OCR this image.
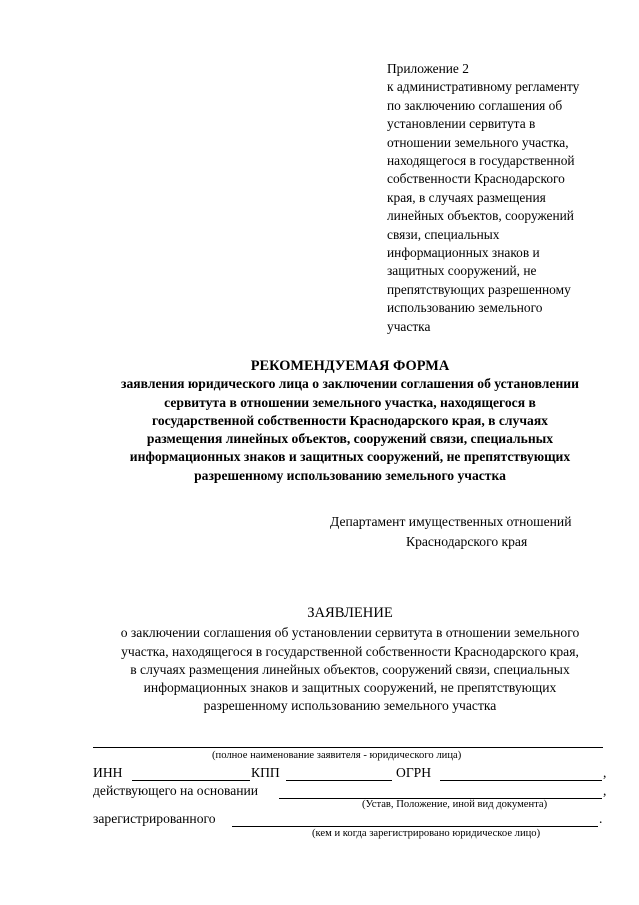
Приложение 2
к административному регламенту
по заключению соглашения об
установлении сервитута в
отношении земельного участка,
находящегося в государственной
собственности Краснодарского
края, в случаях размещения
линейных объектов, сооружений
связи, специальных
информационных знаков и
защитных сооружений, не
препятствующих разрешенному
использованию земельного
участка
РЕКОМЕНДУЕМАЯ ФОРМА
заявления юридического лица о заключении соглашения об установлении
сервитута в отношении земельного участка, находящегося в
государственной собственности Краснодарского края, в случаях
размещения линейных объектов, сооружений связи, специальных
информационных знаков и защитных сооружений, не препятствующих
разрешенному использованию земельного участка
Департамент имущественных отношений
Краснодарского края
ЗАЯВЛЕНИЕ
о заключении соглашения об установлении сервитута в отношении земельного
участка, находящегося в государственной собственности Краснодарского края,
в случаях размещения линейных объектов, сооружений связи, специальных
информационных знаков и защитных сооружений, не препятствующих
разрешенному использованию земельного участка
(полное наименование заявителя - юридического лица)
ИНН	КПП	ОГРН	,
действующего на основании	,
(Устав, Положение, иной вид документа)
зарегистрированного	.
(кем и когда зарегистрировано юридическое лицо)
